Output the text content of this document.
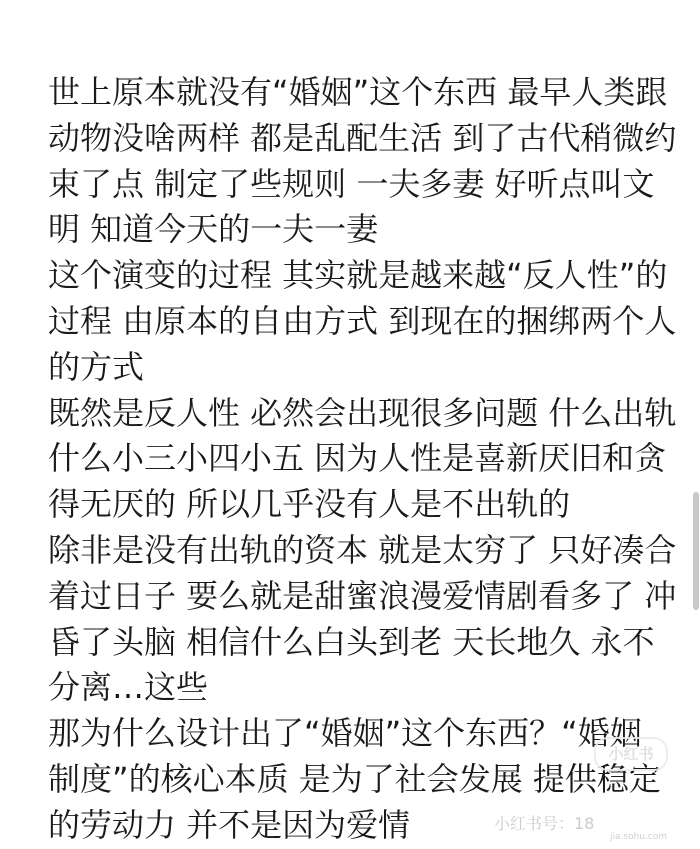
世上原本就没有“婚姻”这个东西 最早人类跟
动物没啥两样 都是乱配生活 到了古代稍微约
束了点 制定了些规则 一夫多妻 好听点叫文
明 知道今天的一夫一妻
这个演变的过程 其实就是越来越“反人性”的
过程 由原本的自由方式 到现在的捆绑两个人
的方式
既然是反人性 必然会出现很多问题 什么出轨
什么小三小四小五 因为人性是喜新厌旧和贪
得无厌的 所以几乎没有人是不出轨的
除非是没有出轨的资本 就是太穷了 只好凑合
着过日子 要么就是甜蜜浪漫爱情剧看多了 冲
昏了头脑 相信什么白头到老 天长地久 永不
分离…这些
那为什么设计出了“婚姻”这个东西？“婚姻
制度”的核心本质 是为了社会发展 提供稳定
的劳动力 并不是因为爱情
小红书
小红书号：18
jia.sohu.com
